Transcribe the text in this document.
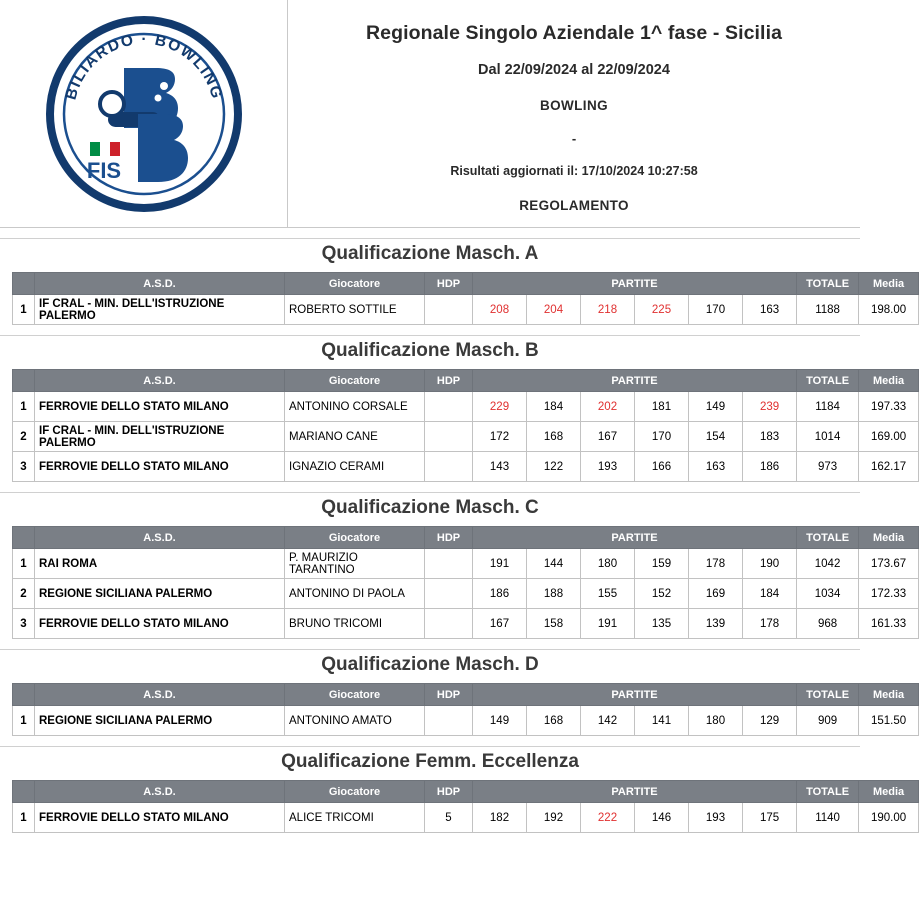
BILIARDO · BOWLING
FIS
Regionale Singolo Aziendale 1^ fase - Sicilia
Dal 22/09/2024 al 22/09/2024
BOWLING
-
Risultati aggiornati il: 17/10/2024 10:27:58
REGOLAMENTO
Qualificazione Masch. A
	A.S.D.	Giocatore	HDP	PARTITE						TOTALE	Media
1	IF CRAL - MIN. DELL'ISTRUZIONE PALERMO	ROBERTO SOTTILE		208	204	218	225	170	163	1188	198.00
Qualificazione Masch. B
	A.S.D.	Giocatore	HDP	PARTITE						TOTALE	Media
1	FERROVIE DELLO STATO MILANO	ANTONINO CORSALE		229	184	202	181	149	239	1184	197.33
2	IF CRAL - MIN. DELL'ISTRUZIONE PALERMO	MARIANO CANE		172	168	167	170	154	183	1014	169.00
3	FERROVIE DELLO STATO MILANO	IGNAZIO CERAMI		143	122	193	166	163	186	973	162.17
Qualificazione Masch. C
	A.S.D.	Giocatore	HDP	PARTITE						TOTALE	Media
1	RAI ROMA	P. MAURIZIO TARANTINO		191	144	180	159	178	190	1042	173.67
2	REGIONE SICILIANA PALERMO	ANTONINO DI PAOLA		186	188	155	152	169	184	1034	172.33
3	FERROVIE DELLO STATO MILANO	BRUNO TRICOMI		167	158	191	135	139	178	968	161.33
Qualificazione Masch. D
	A.S.D.	Giocatore	HDP	PARTITE						TOTALE	Media
1	REGIONE SICILIANA PALERMO	ANTONINO AMATO		149	168	142	141	180	129	909	151.50
Qualificazione Femm. Eccellenza
	A.S.D.	Giocatore	HDP	PARTITE						TOTALE	Media
1	FERROVIE DELLO STATO MILANO	ALICE TRICOMI	5	182	192	222	146	193	175	1140	190.00
